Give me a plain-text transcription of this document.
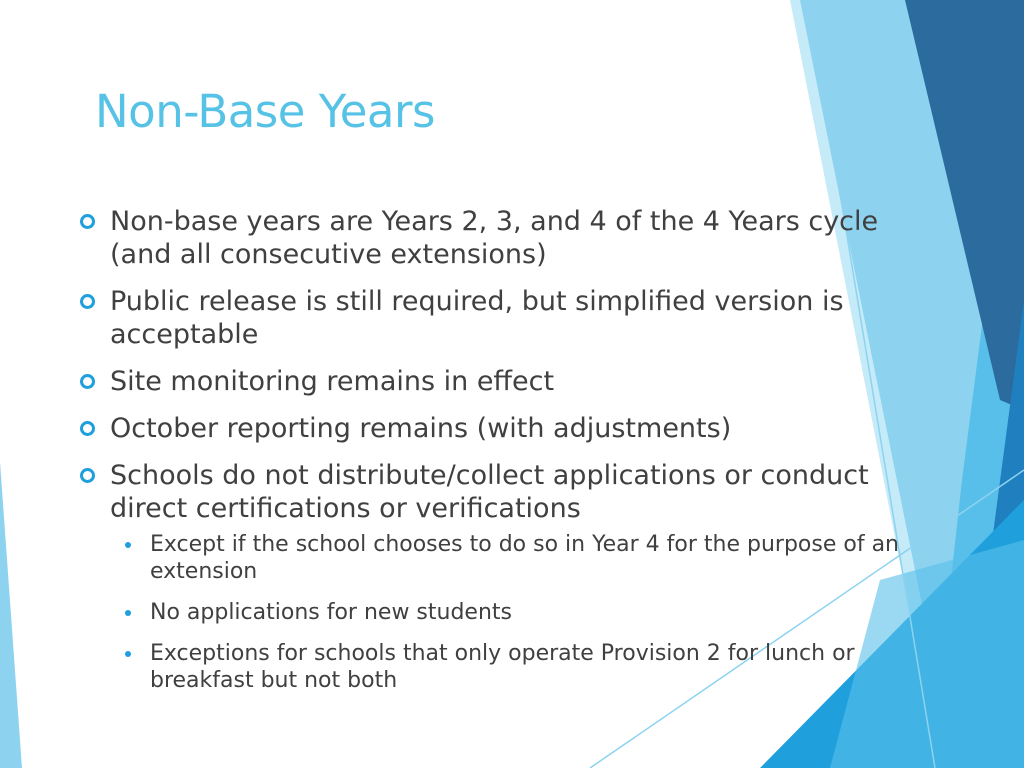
Non-Base Years
Non-base years are Years 2, 3, and 4 of the 4 Years cycle (and all consecutive extensions)
Public release is still required, but simplified version is acceptable
Site monitoring remains in effect
October reporting remains (with adjustments)
Schools do not distribute/collect applications or conduct direct certifications or verifications
Except if the school chooses to do so in Year 4 for the purpose of an extension
No applications for new students
Exceptions for schools that only operate Provision 2 for lunch or breakfast but not both
